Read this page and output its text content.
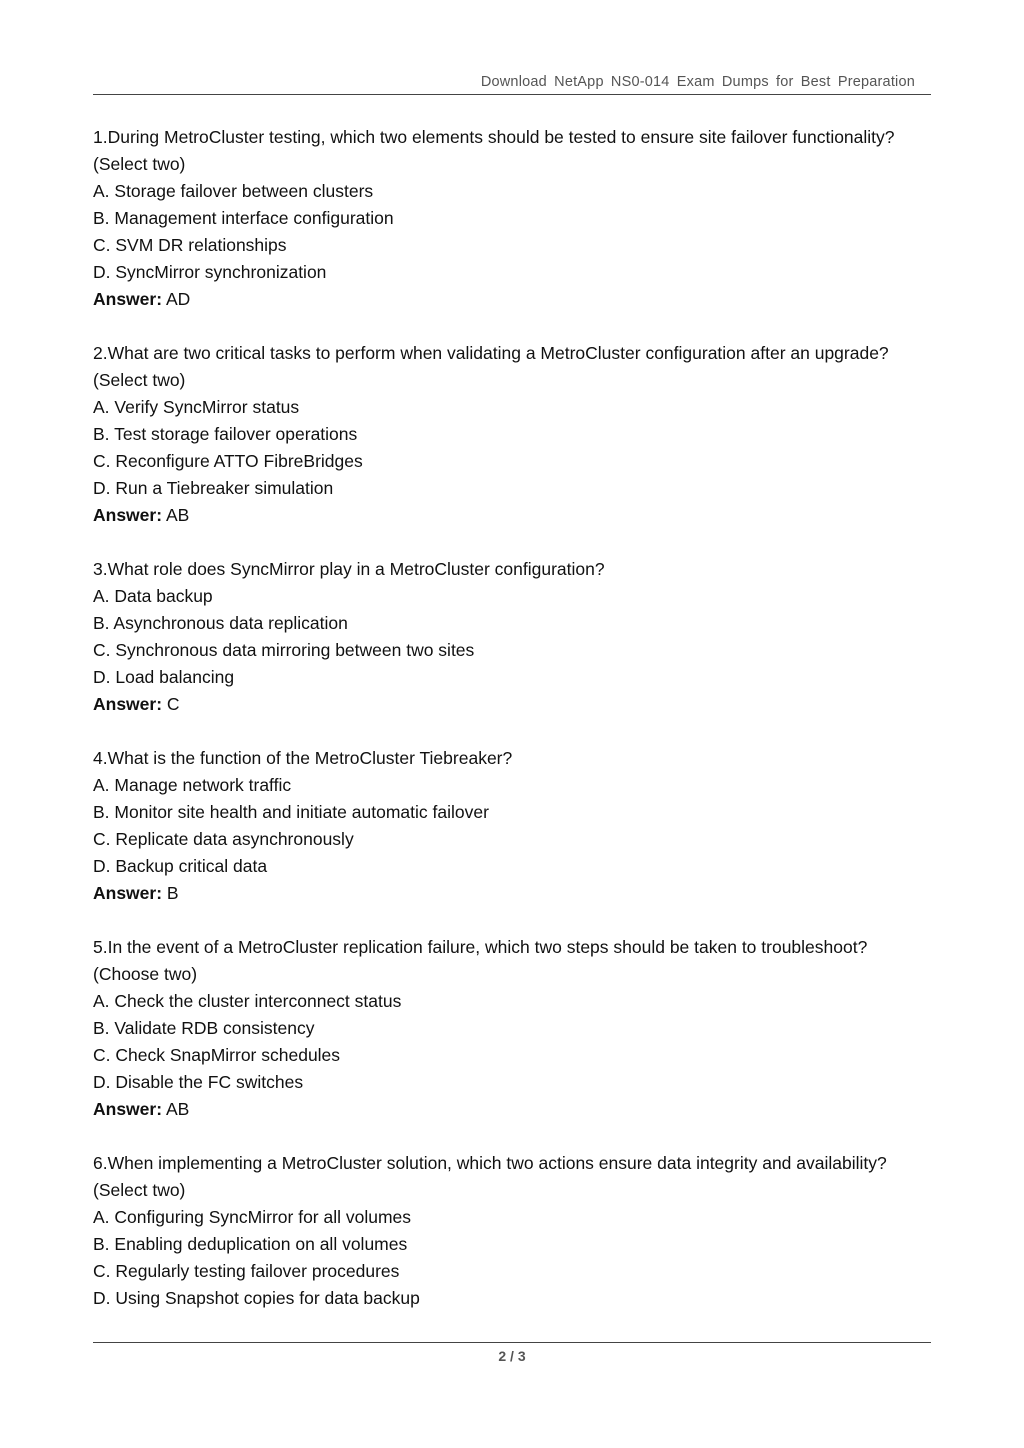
Download NetApp NS0-014 Exam Dumps for Best Preparation
1.During MetroCluster testing, which two elements should be tested to ensure site failover functionality?
(Select two)
A. Storage failover between clusters
B. Management interface configuration
C. SVM DR relationships
D. SyncMirror synchronization
Answer: AD
2.What are two critical tasks to perform when validating a MetroCluster configuration after an upgrade?
(Select two)
A. Verify SyncMirror status
B. Test storage failover operations
C. Reconfigure ATTO FibreBridges
D. Run a Tiebreaker simulation
Answer: AB
3.What role does SyncMirror play in a MetroCluster configuration?
A. Data backup
B. Asynchronous data replication
C. Synchronous data mirroring between two sites
D. Load balancing
Answer: C
4.What is the function of the MetroCluster Tiebreaker?
A. Manage network traffic
B. Monitor site health and initiate automatic failover
C. Replicate data asynchronously
D. Backup critical data
Answer: B
5.In the event of a MetroCluster replication failure, which two steps should be taken to troubleshoot?
(Choose two)
A. Check the cluster interconnect status
B. Validate RDB consistency
C. Check SnapMirror schedules
D. Disable the FC switches
Answer: AB
6.When implementing a MetroCluster solution, which two actions ensure data integrity and availability?
(Select two)
A. Configuring SyncMirror for all volumes
B. Enabling deduplication on all volumes
C. Regularly testing failover procedures
D. Using Snapshot copies for data backup
2 / 3
